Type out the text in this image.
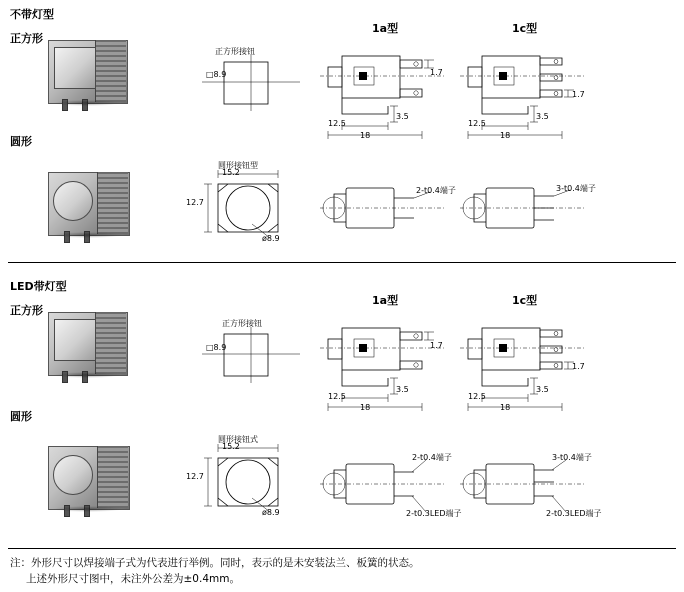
不带灯型
正方形
圆形
1a型	1c型
正方形接钮
□8.9	1.7
3.5
12.5
18
1.7
3.5
12.5
18
圆形接钮型
15.2
12.7
ø8.9
2-t0.4端子	3-t0.4端子
LED带灯型
正方形
圆形
1a型	1c型
正方形接钮
□8.9	1.7
3.5
12.5
18
1.7
3.5
12.5
18
圆形接钮式
15.2
12.7
ø8.9
2-t0.4端子
2-t0.3LED端子
3-t0.4端子
2-t0.3LED端子
注：外形尺寸以焊接端子式为代表进行举例。同时，表示的是未安装法兰、板簧的状态。
上述外形尺寸图中，未注外公差为±0.4mm。
